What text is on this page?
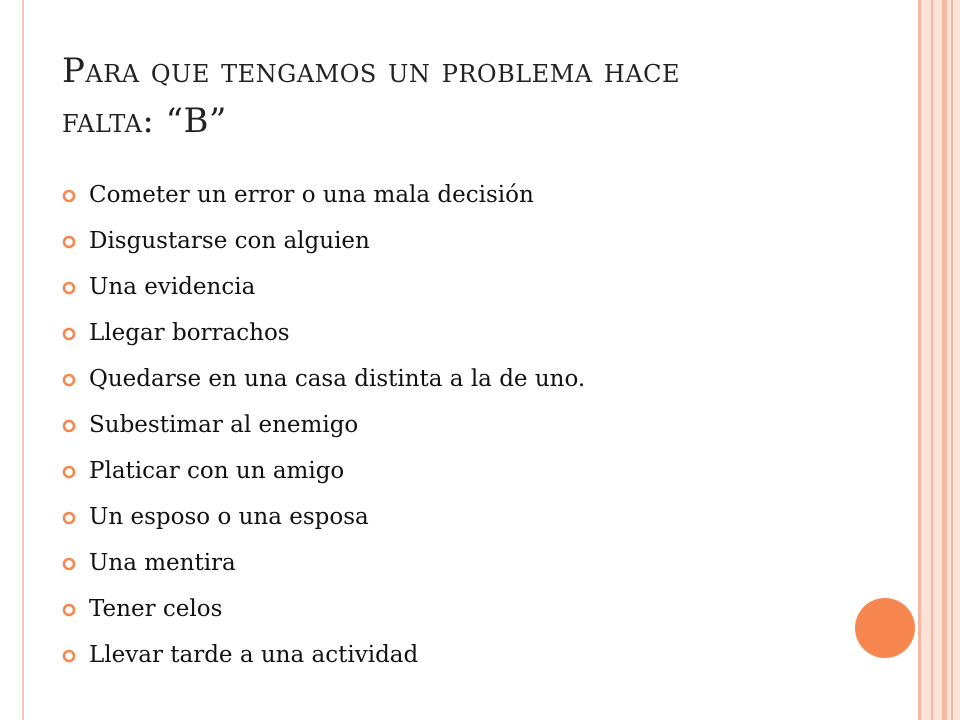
Para que tengamos un problema hace
falta: “B”
Cometer un error o una mala decisión
Disgustarse con alguien
Una evidencia
Llegar borrachos
Quedarse en una casa distinta a la de uno.
Subestimar al enemigo
Platicar con un amigo
Un esposo o una esposa
Una mentira
Tener celos
Llevar tarde a una actividad
